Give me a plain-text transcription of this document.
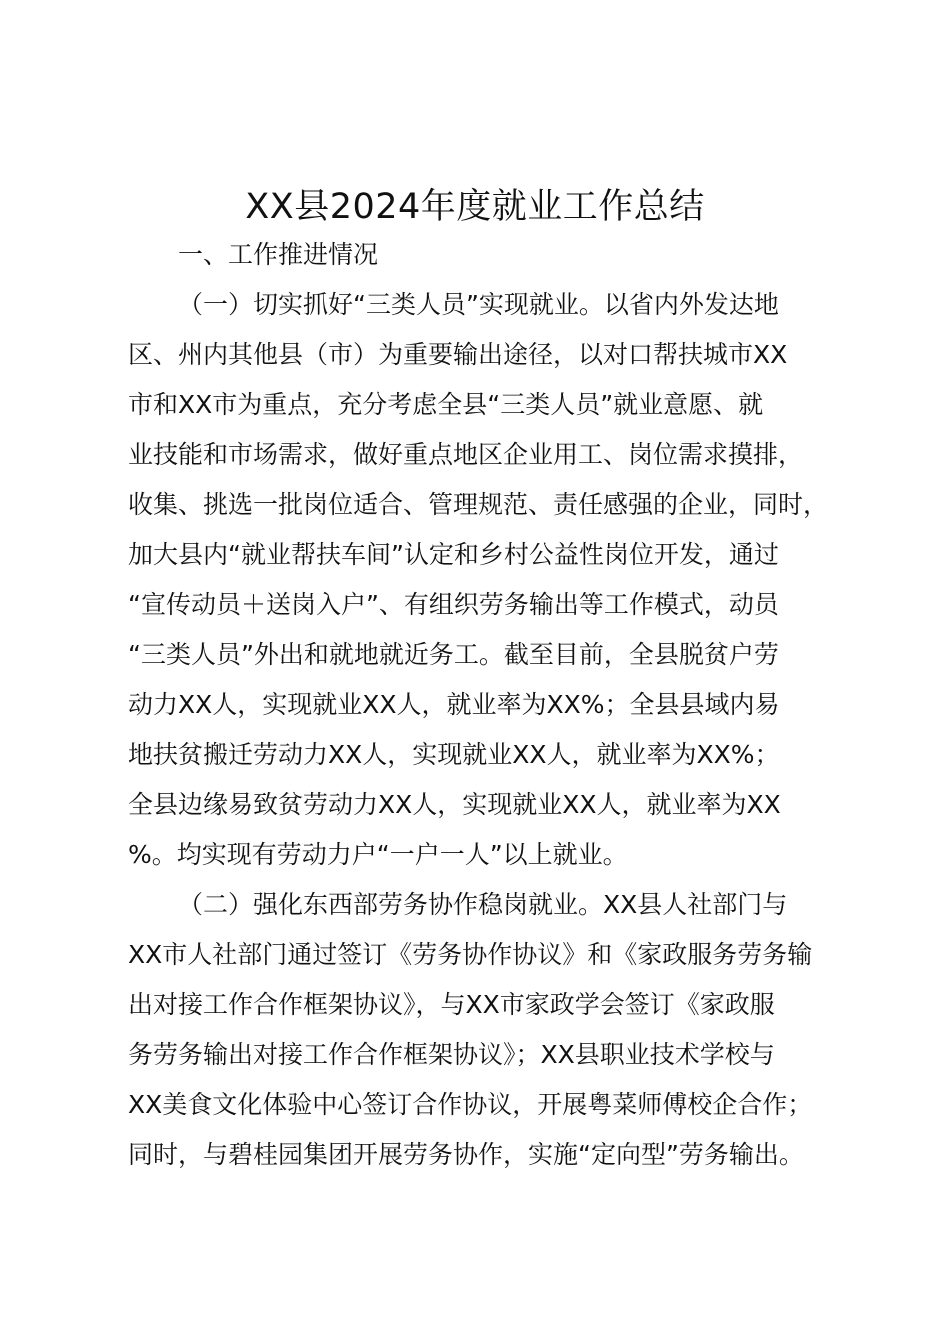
XX县2024年度就业工作总结

一、工作推进情况

（一）切实抓好“三类人员”实现就业。以省内外发达地

区、州内其他县（市）为重要输出途径，以对口帮扶城市XX

市和XX市为重点，充分考虑全县“三类人员”就业意愿、就

业技能和市场需求，做好重点地区企业用工、岗位需求摸排，

收集、挑选一批岗位适合、管理规范、责任感强的企业，同时，

加大县内“就业帮扶车间”认定和乡村公益性岗位开发，通过

“宣传动员＋送岗入户”、有组织劳务输出等工作模式，动员

“三类人员”外出和就地就近务工。截至目前，全县脱贫户劳

动力XX人，实现就业XX人，就业率为XX%；全县县域内易

地扶贫搬迁劳动力XX人，实现就业XX人，就业率为XX%；

全县边缘易致贫劳动力XX人，实现就业XX人，就业率为XX

%。均实现有劳动力户“一户一人”以上就业。

（二）强化东西部劳务协作稳岗就业。XX县人社部门与

XX市人社部门通过签订《劳务协作协议》和《家政服务劳务输

出对接工作合作框架协议》，与XX市家政学会签订《家政服

务劳务输出对接工作合作框架协议》；XX县职业技术学校与

XX美食文化体验中心签订合作协议，开展粤菜师傅校企合作；

同时，与碧桂园集团开展劳务协作，实施“定向型”劳务输出。
